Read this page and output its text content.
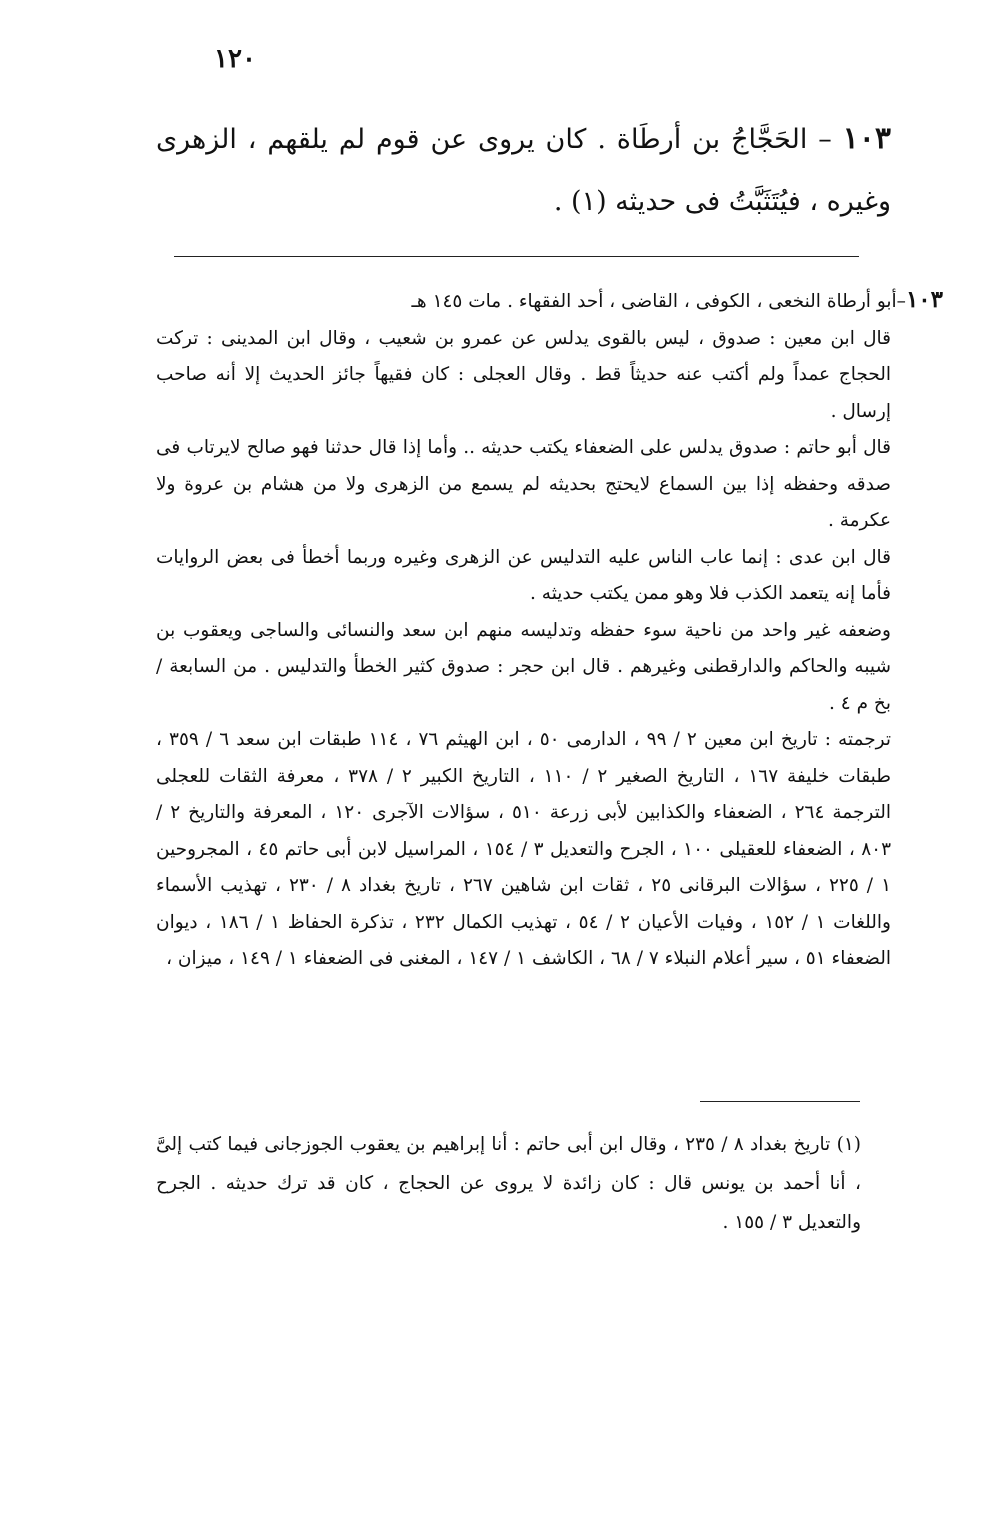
١٢٠
١٠٣ – الحَجَّاجُ بن أرطَاة . كان يروى عن قوم لم يلقهم ، الزهرى وغيره ، فيُتَثَبَّتُ فى حديثه (١) .

١٠٣–أبو أرطاة النخعى ، الكوفى ، القاضى ، أحد الفقهاء . مات ١٤٥ هـ

قال ابن معين : صدوق ، ليس بالقوى يدلس عن عمرو بن شعيب ، وقال ابن المدينى : تركت الحجاج عمداً ولم أكتب عنه حديثاً قط . وقال العجلى : كان فقيهاً جائز الحديث إلا أنه صاحب إرسال .

قال أبو حاتم : صدوق يدلس على الضعفاء يكتب حديثه .. وأما إذا قال حدثنا فهو صالح لايرتاب فى صدقه وحفظه إذا بين السماع لايحتج بحديثه لم يسمع من الزهرى ولا من هشام بن عروة ولا عكرمة .

قال ابن عدى : إنما عاب الناس عليه التدليس عن الزهرى وغيره وربما أخطأ فى بعض الروايات فأما إنه يتعمد الكذب فلا وهو ممن يكتب حديثه .

وضعفه غير واحد من ناحية سوء حفظه وتدليسه منهم ابن سعد والنسائى والساجى ويعقوب بن شيبه والحاكم والدارقطنى وغيرهم . قال ابن حجر : صدوق كثير الخطأ والتدليس . من السابعة / بخ م ٤ .

ترجمته : تاريخ ابن معين ٢ / ٩٩ ، الدارمى ٥٠ ، ابن الهيثم ٧٦ ، ١١٤ طبقات ابن سعد ٦ / ٣٥٩ ، طبقات خليفة ١٦٧ ، التاريخ الصغير ٢ / ١١٠ ، التاريخ الكبير ٢ / ٣٧٨ ، معرفة الثقات للعجلى الترجمة ٢٦٤ ، الضعفاء والكذابين لأبى زرعة ٥١٠ ، سؤالات الآجرى ١٢٠ ، المعرفة والتاريخ ٢ / ٨٠٣ ، الضعفاء للعقيلى ١٠٠ ، الجرح والتعديل ٣ / ١٥٤ ، المراسيل لابن أبى حاتم ٤٥ ، المجروحين ١ / ٢٢٥ ، سؤالات البرقانى ٢٥ ، ثقات ابن شاهين ٢٦٧ ، تاريخ بغداد ٨ / ٢٣٠ ، تهذيب الأسماء واللغات ١ / ١٥٢ ، وفيات الأعيان ٢ / ٥٤ ، تهذيب الكمال ٢٣٢ ، تذكرة الحفاظ ١ / ١٨٦ ، ديوان الضعفاء ٥١ ، سير أعلام النبلاء ٧ / ٦٨ ، الكاشف ١ / ١٤٧ ، المغنى فى الضعفاء ١ / ١٤٩ ، ميزان ،

(١) تاريخ بغداد ٨ / ٢٣٥ ، وقال ابن أبى حاتم : أنا إبراهيم بن يعقوب الجوزجانى فيما كتب إلىَّ ، أنا أحمد بن يونس قال : كان زائدة لا يروى عن الحجاج ، كان قد ترك حديثه . الجرح والتعديل ٣ / ١٥٥ .
